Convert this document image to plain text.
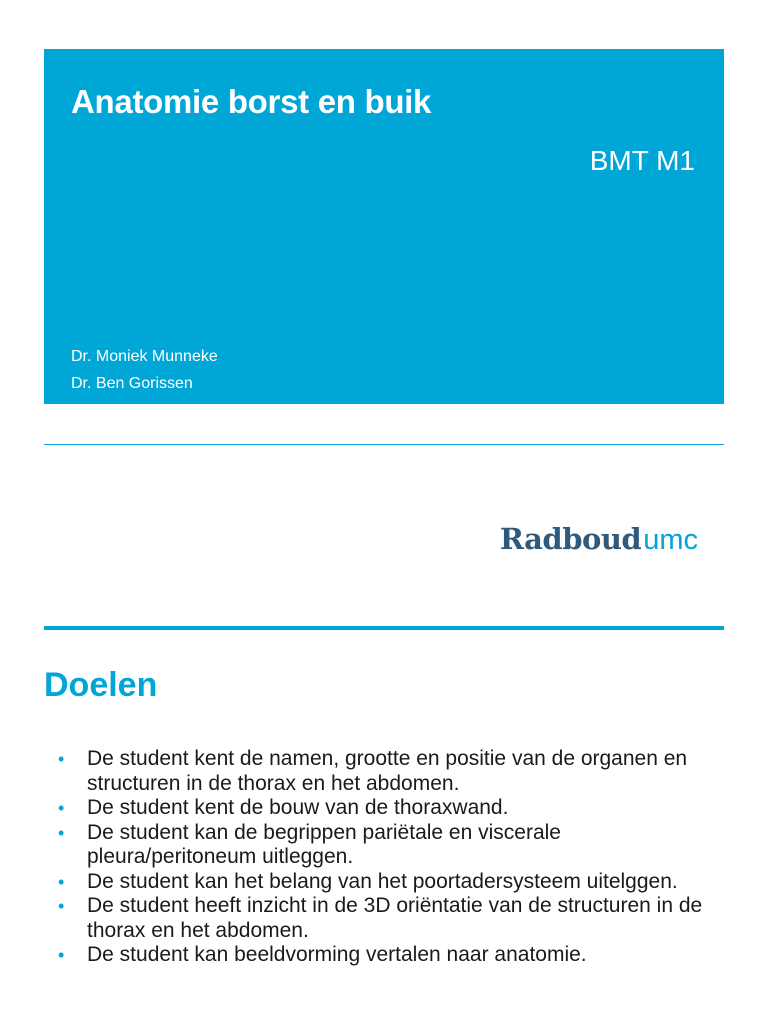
Anatomie borst en buik
BMT M1
Dr. Moniek Munneke
Dr. Ben Gorissen
Radboudumc
Doelen
• De student kent de namen, grootte en positie van de organen en structuren in de thorax en het abdomen.
• De student kent de bouw van de thoraxwand.
• De student kan de begrippen pariëtale en viscerale pleura/peritoneum uitleggen.
• De student kan het belang van het poortadersysteem uitelggen.
• De student heeft inzicht in de 3D oriëntatie van de structuren in de thorax en het abdomen.
• De student kan beeldvorming vertalen naar anatomie.
